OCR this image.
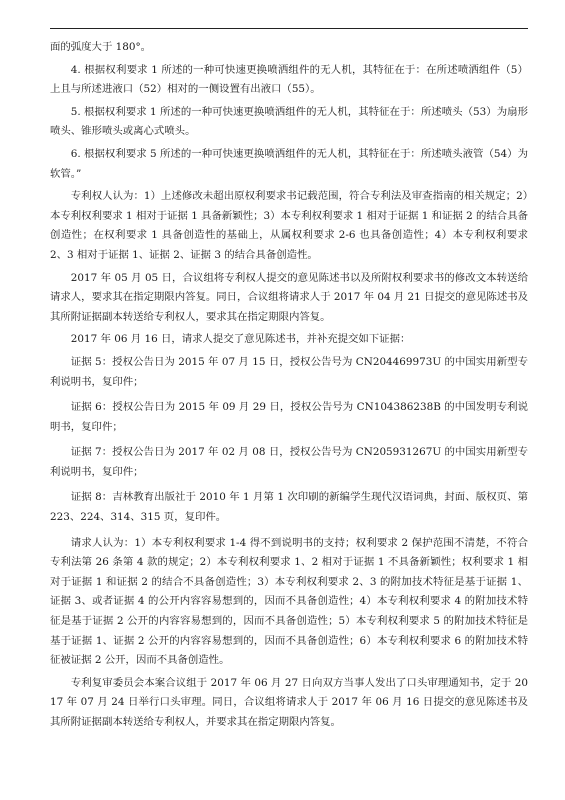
面的弧度大于 180°。

4. 根据权利要求 1 所述的一种可快速更换喷洒组件的无人机，其特征在于：在所述喷洒组件（5）上且与所述进液口（52）相对的一侧设置有出液口（55）。

5. 根据权利要求 1 所述的一种可快速更换喷洒组件的无人机，其特征在于：所述喷头（53）为扇形喷头、锥形喷头或离心式喷头。

6. 根据权利要求 5 所述的一种可快速更换喷洒组件的无人机，其特征在于：所述喷头液管（54）为软管。”

专利权人认为：1）上述修改未超出原权利要求书记载范围，符合专利法及审查指南的相关规定；2）本专利权利要求 1 相对于证据 1 具备新颖性；3）本专利权利要求 1 相对于证据 1 和证据 2 的结合具备创造性；在权利要求 1 具备创造性的基础上，从属权利要求 2-6 也具备创造性；4）本专利权利要求 2、3 相对于证据 1、证据 2、证据 3 的结合具备创造性。

2017 年 05 月 05 日，合议组将专利权人提交的意见陈述书以及所附权利要求书的修改文本转送给请求人，要求其在指定期限内答复。同日，合议组将请求人于 2017 年 04 月 21 日提交的意见陈述书及其所附证据副本转送给专利权人，要求其在指定期限内答复。

2017 年 06 月 16 日，请求人提交了意见陈述书，并补充提交如下证据：

证据 5：授权公告日为 2015 年 07 月 15 日，授权公告号为 CN204469973U 的中国实用新型专利说明书，复印件；

证据 6：授权公告日为 2015 年 09 月 29 日，授权公告号为 CN104386238B 的中国发明专利说明书，复印件；

证据 7：授权公告日为 2017 年 02 月 08 日，授权公告号为 CN205931267U 的中国实用新型专利说明书，复印件；

证据 8：吉林教育出版社于 2010 年 1 月第 1 次印刷的新编学生现代汉语词典，封面、版权页、第 223、224、314、315 页，复印件。

请求人认为：1）本专利权利要求 1-4 得不到说明书的支持；权利要求 2 保护范围不清楚，不符合专利法第 26 条第 4 款的规定；2）本专利权利要求 1、2 相对于证据 1 不具备新颖性；权利要求 1 相对于证据 1 和证据 2 的结合不具备创造性；3）本专利权利要求 2、3 的附加技术特征是基于证据 1、证据 3、或者证据 4 的公开内容容易想到的，因而不具备创造性；4）本专利权利要求 4 的附加技术特征是基于证据 2 公开的内容容易想到的，因而不具备创造性；5）本专利权利要求 5 的附加技术特征是基于证据 1、证据 2 公开的内容容易想到的，因而不具备创造性；6）本专利权利要求 6 的附加技术特征被证据 2 公开，因而不具备创造性。

专利复审委员会本案合议组于 2017 年 06 月 27 日向双方当事人发出了口头审理通知书，定于 2017 年 07 月 24 日举行口头审理。同日，合议组将请求人于 2017 年 06 月 16 日提交的意见陈述书及其所附证据副本转送给专利权人，并要求其在指定期限内答复。
